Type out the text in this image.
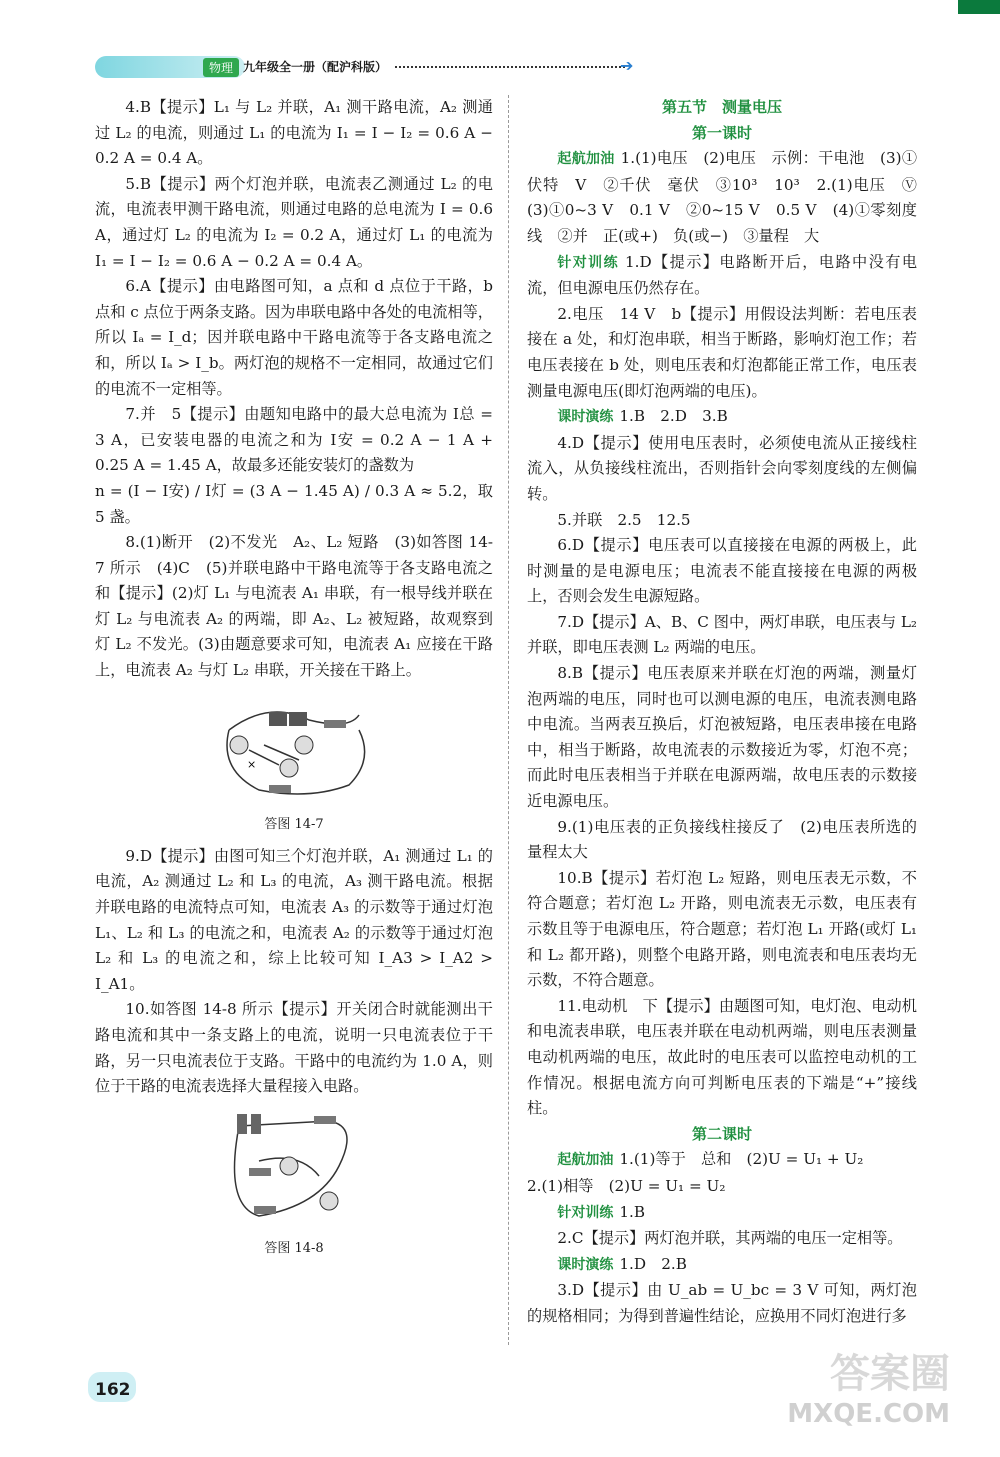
物理 九年级全一册（配沪科版）	➔

4.B【提示】L₁ 与 L₂ 并联，A₁ 测干路电流，A₂ 测通过 L₂ 的电流，则通过 L₁ 的电流为 I₁ = I − I₂ = 0.6 A − 0.2 A = 0.4 A。

5.B【提示】两个灯泡并联，电流表乙测通过 L₂ 的电流，电流表甲测干路电流，则通过电路的总电流为 I = 0.6 A，通过灯 L₂ 的电流为 I₂ = 0.2 A，通过灯 L₁ 的电流为 I₁ = I − I₂ = 0.6 A − 0.2 A = 0.4 A。

6.A【提示】由电路图可知，a 点和 d 点位于干路，b 点和 c 点位于两条支路。因为串联电路中各处的电流相等，所以 Iₐ = I_d；因并联电路中干路电流等于各支路电流之和，所以 Iₐ > I_b。两灯泡的规格不一定相同，故通过它们的电流不一定相等。

7.并　5【提示】由题知电路中的最大总电流为 I总 = 3 A，已安装电器的电流之和为 I安 = 0.2 A − 1 A + 0.25 A = 1.45 A，故最多还能安装灯的盏数为

n = (I − I安) / I灯 = (3 A − 1.45 A) / 0.3 A ≈ 5.2，取 5 盏。

8.(1)断开　(2)不发光　A₂、L₂ 短路　(3)如答图 14-7 所示　(4)C　(5)并联电路中干路电流等于各支路电流之和【提示】(2)灯 L₁ 与电流表 A₁ 串联，有一根导线并联在灯 L₂ 与电流表 A₂ 的两端，即 A₂、L₂ 被短路，故观察到灯 L₂ 不发光。(3)由题意要求可知，电流表 A₁ 应接在干路上，电流表 A₂ 与灯 L₂ 串联，开关接在干路上。

×
答图 14-7

9.D【提示】由图可知三个灯泡并联，A₁ 测通过 L₁ 的电流，A₂ 测通过 L₂ 和 L₃ 的电流，A₃ 测干路电流。根据并联电路的电流特点可知，电流表 A₃ 的示数等于通过灯泡 L₁、L₂ 和 L₃ 的电流之和，电流表 A₂ 的示数等于通过灯泡 L₂ 和 L₃ 的电流之和，综上比较可知 I_A3 > I_A2 > I_A1。

10.如答图 14-8 所示【提示】开关闭合时就能测出干路电流和其中一条支路上的电流，说明一只电流表位于干路，另一只电流表位于支路。干路中的电流约为 1.0 A，则位于干路的电流表选择大量程接入电路。

答图 14-8

第五节　测量电压

第一课时

起航加油 1.(1)电压　(2)电压　示例：干电池　(3)①伏特　V　②千伏　毫伏　③10³　10³　2.(1)电压　Ⓥ　(3)①0~3 V　0.1 V　②0~15 V　0.5 V　(4)①零刻度线　②并　正(或+)　负(或−)　③量程　大

针对训练 1.D【提示】电路断开后，电路中没有电流，但电源电压仍然存在。

2.电压　14 V　b【提示】用假设法判断：若电压表接在 a 处，和灯泡串联，相当于断路，影响灯泡工作；若电压表接在 b 处，则电压表和灯泡都能正常工作，电压表测量电源电压(即灯泡两端的电压)。

课时演练 1.B　2.D　3.B

4.D【提示】使用电压表时，必须使电流从正接线柱流入，从负接线柱流出，否则指针会向零刻度线的左侧偏转。

5.并联　2.5　12.5

6.D【提示】电压表可以直接接在电源的两极上，此时测量的是电源电压；电流表不能直接接在电源的两极上，否则会发生电源短路。

7.D【提示】A、B、C 图中，两灯串联，电压表与 L₂ 并联，即电压表测 L₂ 两端的电压。

8.B【提示】电压表原来并联在灯泡的两端，测量灯泡两端的电压，同时也可以测电源的电压，电流表测电路中电流。当两表互换后，灯泡被短路，电压表串接在电路中，相当于断路，故电流表的示数接近为零，灯泡不亮；而此时电压表相当于并联在电源两端，故电压表的示数接近电源电压。

9.(1)电压表的正负接线柱接反了　(2)电压表所选的量程太大

10.B【提示】若灯泡 L₂ 短路，则电压表无示数，不符合题意；若灯泡 L₂ 开路，则电流表无示数，电压表有示数且等于电源电压，符合题意；若灯泡 L₁ 开路(或灯 L₁ 和 L₂ 都开路)，则整个电路开路，则电流表和电压表均无示数，不符合题意。

11.电动机　下【提示】由题图可知，电灯泡、电动机和电流表串联，电压表并联在电动机两端，则电压表测量电动机两端的电压，故此时的电压表可以监控电动机的工作情况。根据电流方向可判断电压表的下端是“+”接线柱。

第二课时

起航加油 1.(1)等于　总和　(2)U = U₁ + U₂

2.(1)相等　(2)U = U₁ = U₂

针对训练 1.B

2.C【提示】两灯泡并联，其两端的电压一定相等。

课时演练 1.D　2.B

3.D【提示】由 U_ab = U_bc = 3 V 可知，两灯泡的规格相同；为得到普遍性结论，应换用不同灯泡进行多

162	答案圈
MXQE.COM
